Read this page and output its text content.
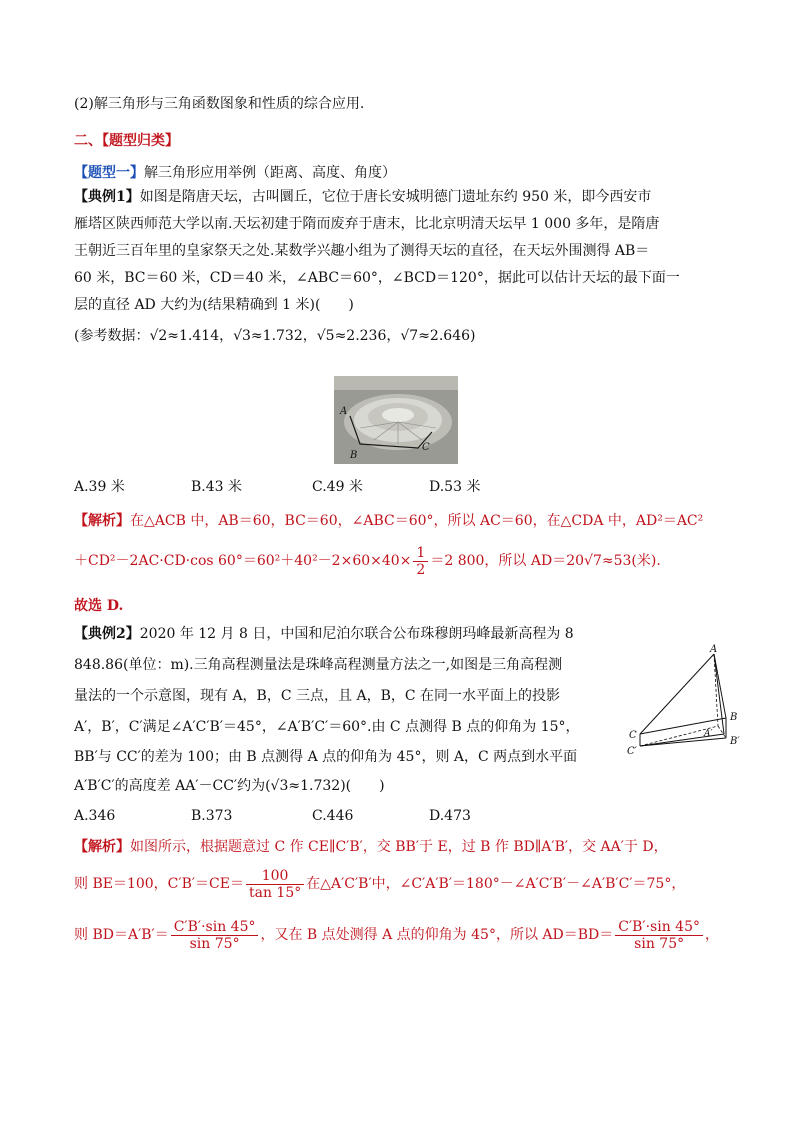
(2)解三角形与三角函数图象和性质的综合应用.
二、【题型归类】
【题型一】解三角形应用举例（距离、高度、角度）
【典例1】如图是隋唐天坛，古叫圜丘，它位于唐长安城明德门遗址东约 950 米，即今西安市
雁塔区陕西师范大学以南.天坛初建于隋而废弃于唐末，比北京明清天坛早 1 000 多年，是隋唐
王朝近三百年里的皇家祭天之处.某数学兴趣小组为了测得天坛的直径，在天坛外围测得 AB＝
60 米，BC＝60 米，CD＝40 米，∠ABC＝60°，∠BCD＝120°，据此可以估计天坛的最下面一
层的直径 AD 大约为(结果精确到 1 米)(　　)
(参考数据：√2≈1.414，√3≈1.732，√5≈2.236，√7≈2.646)
A
B
C
A.39 米	B.43 米	C.49 米	D.53 米
【解析】在△ACB 中，AB＝60，BC＝60，∠ABC＝60°，所以 AC＝60，在△CDA 中，AD²＝AC²
＋CD²－2AC·CD·cos $60^\circ=60^2+40^2-2\times 60\times 40\times \frac{1}{2} =2$ 800，所以 AD＝20√7≈53(米).
故选 D.
【典例2】2020 年 12 月 8 日，中国和尼泊尔联合公布珠穆朗玛峰最新高程为 8
848.86(单位：m).三角高程测量法是珠峰高程测量方法之一,如图是三角高程测
量法的一个示意图，现有 A，B，C 三点，且 A，B，C 在同一水平面上的投影
A′，B′，C′满足∠A′C′B′＝45°，∠A′B′C′＝60°.由 C 点测得 B 点的仰角为 15°，
BB′与 CC′的差为 100；由 B 点测得 A 点的仰角为 45°，则 A，C 两点到水平面
A′B′C′的高度差 AA′－CC′约为(√3≈1.732)(　　)
A
B
C	A′
B′
C′
A.346	B.373	C.446	D.473
【解析】如图所示，根据题意过 C 作 CE∥C′B′，交 BB′于 E，过 B 作 BD∥A′B′，交 AA′于 D，
则 BE＝100，$C'B'=CE= \frac{100}{\tan 15^\circ}$ 在△A′C′B′中，∠C′A′B′＝180°－∠A′C′B′－∠A′B′C′＝75°，
则 $BD=A'B'= \frac{C'B'\cdot\sin 45^\circ}{\sin 75^\circ}$ ，又在 B 点处测得 A 点的仰角为 45°，所以 $AD=BD= \frac{C'B'\cdot\sin 45^\circ}{\sin 75^\circ}$ ，
